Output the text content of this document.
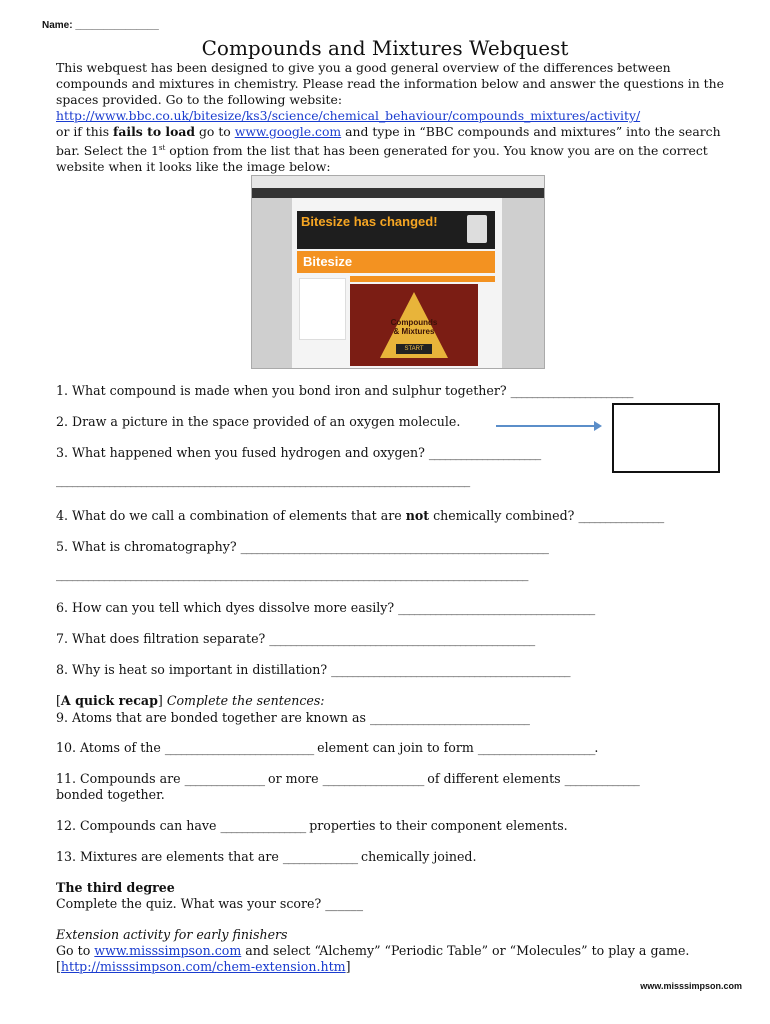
Name: _______________
Compounds and Mixtures Webquest
This webquest has been designed to give you a good general overview of the differences between compounds and mixtures in chemistry. Please read the information below and answer the questions in the spaces provided. Go to the following website:
http://www.bbc.co.uk/bitesize/ks3/science/chemical_behaviour/compounds_mixtures/activity/
or if this fails to load go to www.google.com and type in “BBC compounds and mixtures” into the search bar. Select the 1st option from the list that has been generated for you. You know you are on the correct website when it looks like the image below:
Bitesize has changed!
Bitesize
Compounds
& Mixtures
START
1. What compound is made when you bond iron and sulphur together? _______________________
2. Draw a picture in the space provided of an oxygen molecule.
3. What happened when you fused hydrogen and oxygen? _____________________
______________________________________________________________________________
4. What do we call a combination of elements that are not chemically combined? ________________
5. What is chromatography? __________________________________________________________
_________________________________________________________________________________________
6. How can you tell which dyes dissolve more easily? _____________________________________
7. What does filtration separate? __________________________________________________
8. Why is heat so important in distillation? _____________________________________________
[A quick recap] Complete the sentences:
9. Atoms that are bonded together are known as ______________________________
10. Atoms of the ____________________________ element can join to form ______________________.
11. Compounds are _______________ or more ___________________ of different elements ______________
bonded together.
12. Compounds can have ________________ properties to their component elements.
13. Mixtures are elements that are ______________ chemically joined.
The third degree
Complete the quiz. What was your score? ______
Extension activity for early finishers
Go to www.misssimpson.com and select “Alchemy” “Periodic Table” or “Molecules” to play a game.
[http://misssimpson.com/chem-extension.htm]
www.misssimpson.com
